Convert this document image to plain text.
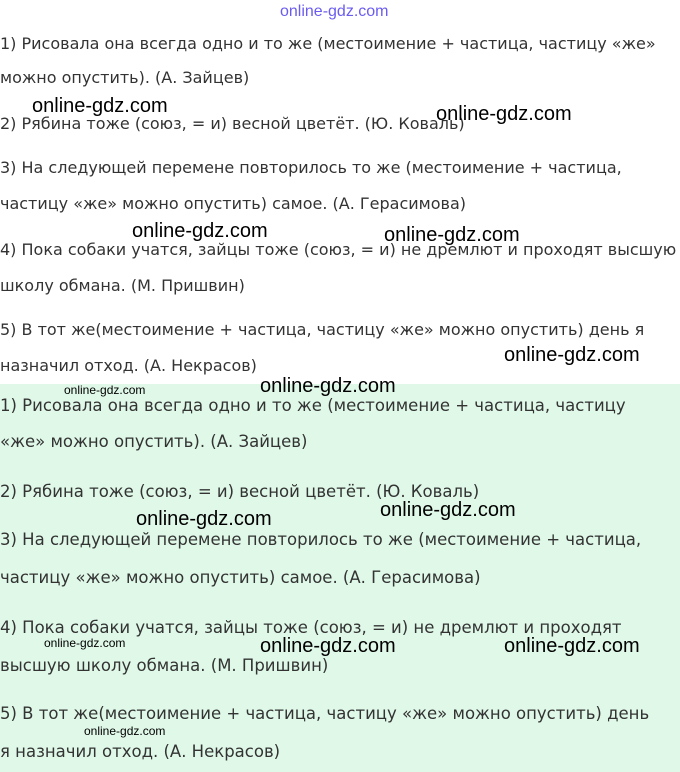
1) Рисовала она всегда одно и то же (местоимение + частица, частицу «же»
можно опустить). (А. Зайцев)
2) Рябина тоже (союз, = и) весной цветёт. (Ю. Коваль)
3) На следующей перемене повторилось то же (местоимение + частица,
частицу «же» можно опустить) самое. (А. Герасимова)
4) Пока собаки учатся, зайцы тоже (союз, = и) не дремлют и проходят высшую
школу обмана. (М. Пришвин)
5) В тот же(местоимение + частица, частицу «же» можно опустить) день я
назначил отход. (А. Некрасов)
1) Рисовала она всегда одно и то же (местоимение + частица, частицу
«же» можно опустить). (А. Зайцев)
2) Рябина тоже (союз, = и) весной цветёт. (Ю. Коваль)
3) На следующей перемене повторилось то же (местоимение + частица,
частицу «же» можно опустить) самое. (А. Герасимова)
4) Пока собаки учатся, зайцы тоже (союз, = и) не дремлют и проходят
высшую школу обмана. (М. Пришвин)
5) В тот же(местоимение + частица, частицу «же» можно опустить) день
я назначил отход. (А. Некрасов)
online-gdz.com
online-gdz.com	online-gdz.com
online-gdz.com	online-gdz.com
online-gdz.com
online-gdz.com	online-gdz.com
online-gdz.com
online-gdz.com
online-gdz.com	online-gdz.com	online-gdz.com
online-gdz.com
